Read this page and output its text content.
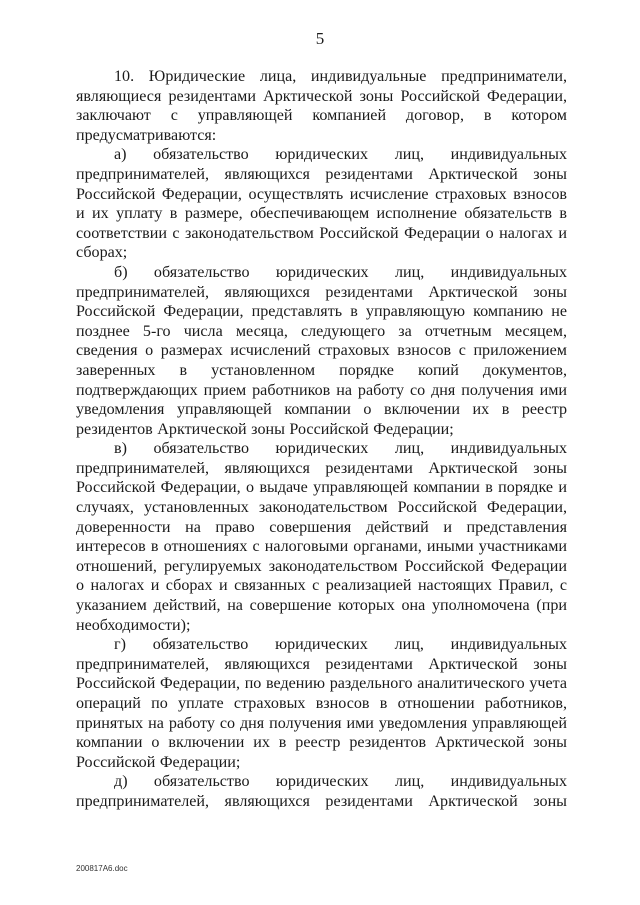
5

10. Юридические лица, индивидуальные предприниматели, являющиеся резидентами Арктической зоны Российской Федерации, заключают с управляющей компанией договор, в котором предусматриваются:

а) обязательство юридических лиц, индивидуальных предпринимателей, являющихся резидентами Арктической зоны Российской Федерации, осуществлять исчисление страховых взносов и их уплату в размере, обеспечивающем исполнение обязательств в соответствии с законодательством Российской Федерации о налогах и сборах;

б) обязательство юридических лиц, индивидуальных предпринимателей, являющихся резидентами Арктической зоны Российской Федерации, представлять в управляющую компанию не позднее 5-го числа месяца, следующего за отчетным месяцем, сведения о размерах исчислений страховых взносов с приложением заверенных в установленном порядке копий документов, подтверждающих прием работников на работу со дня получения ими уведомления управляющей компании о включении их в реестр резидентов Арктической зоны Российской Федерации;

в) обязательство юридических лиц, индивидуальных предпринимателей, являющихся резидентами Арктической зоны Российской Федерации, о выдаче управляющей компании в порядке и случаях, установленных законодательством Российской Федерации, доверенности на право совершения действий и представления интересов в отношениях с налоговыми органами, иными участниками отношений, регулируемых законодательством Российской Федерации о налогах и сборах и связанных с реализацией настоящих Правил, с указанием действий, на совершение которых она уполномочена (при необходимости);

г) обязательство юридических лиц, индивидуальных предпринимателей, являющихся резидентами Арктической зоны Российской Федерации, по ведению раздельного аналитического учета операций по уплате страховых взносов в отношении работников, принятых на работу со дня получения ими уведомления управляющей компании о включении их в реестр резидентов Арктической зоны Российской Федерации;

д) обязательство юридических лиц, индивидуальных предпринимателей, являющихся резидентами Арктической зоны

200817A6.doc
